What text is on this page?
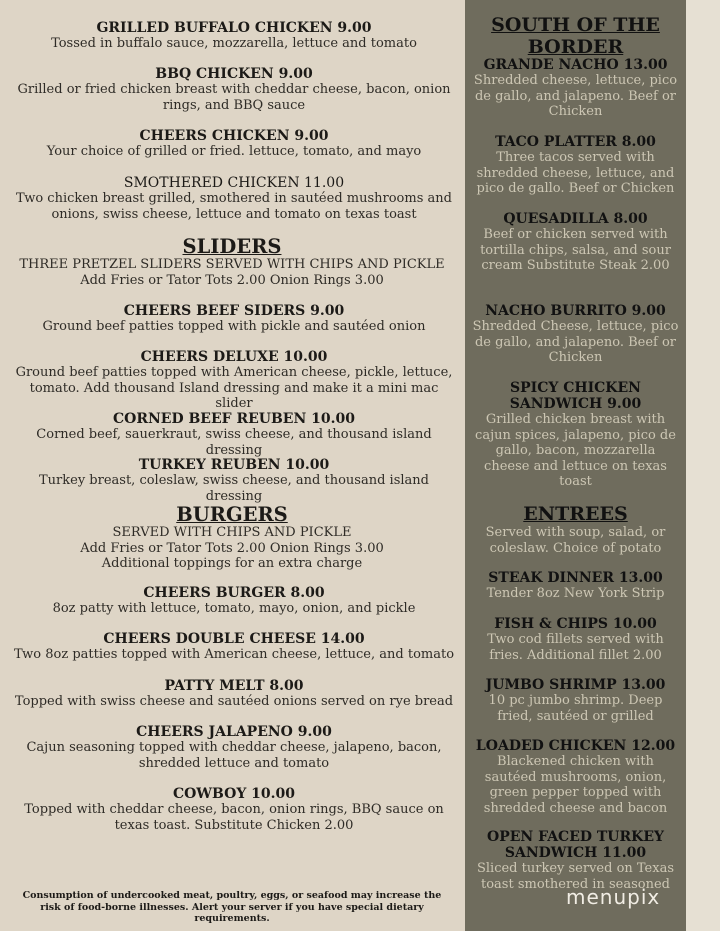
GRILLED BUFFALO CHICKEN 9.00
Tossed in buffalo sauce, mozzarella, lettuce and tomato
BBQ CHICKEN 9.00
Grilled or fried chicken breast with cheddar cheese, bacon, onion rings, and BBQ sauce
CHEERS CHICKEN 9.00
Your choice of grilled or fried. lettuce, tomato, and mayo
SMOTHERED CHICKEN 11.00
Two chicken breast grilled, smothered in sautéed mushrooms and onions, swiss cheese, lettuce and tomato on texas toast
SLIDERS
THREE PRETZEL SLIDERS SERVED WITH CHIPS AND PICKLE
Add Fries or Tator Tots 2.00 Onion Rings 3.00
CHEERS BEEF SIDERS 9.00
Ground beef patties topped with pickle and sautéed onion
CHEERS DELUXE 10.00
Ground beef patties topped with American cheese, pickle, lettuce, tomato. Add thousand Island dressing and make it a mini mac slider
CORNED BEEF REUBEN 10.00
Corned beef, sauerkraut, swiss cheese, and thousand island dressing
TURKEY REUBEN 10.00
Turkey breast, coleslaw, swiss cheese, and thousand island dressing
BURGERS
SERVED WITH CHIPS AND PICKLE
Add Fries or Tator Tots 2.00 Onion Rings 3.00
Additional toppings for an extra charge
CHEERS BURGER 8.00
8oz patty with lettuce, tomato, mayo, onion, and pickle
CHEERS DOUBLE CHEESE 14.00
Two 8oz patties topped with American cheese, lettuce, and tomato
PATTY MELT 8.00
Topped with swiss cheese and sautéed onions served on rye bread
CHEERS JALAPENO 9.00
Cajun seasoning topped with cheddar cheese, jalapeno, bacon, shredded lettuce and tomato
COWBOY 10.00
Topped with cheddar cheese, bacon, onion rings, BBQ sauce on texas toast. Substitute Chicken 2.00
Consumption of undercooked meat, poultry, eggs, or seafood may increase the risk of food-borne illnesses. Alert your server if you have special dietary requirements.
SOUTH OF THE BORDER
GRANDE NACHO 13.00
Shredded cheese, lettuce, pico de gallo, and jalapeno. Beef or Chicken
TACO PLATTER 8.00
Three tacos served with shredded cheese, lettuce, and pico de gallo. Beef or Chicken
QUESADILLA 8.00
Beef or chicken served with tortilla chips, salsa, and sour cream Substitute Steak 2.00
NACHO BURRITO 9.00
Shredded Cheese, lettuce, pico de gallo, and jalapeno. Beef or Chicken
SPICY CHICKEN SANDWICH 9.00
Grilled chicken breast with cajun spices, jalapeno, pico de gallo, bacon, mozzarella cheese and lettuce on texas toast
ENTREES
Served with soup, salad, or coleslaw. Choice of potato
STEAK DINNER 13.00
Tender 8oz New York Strip
FISH & CHIPS 10.00
Two cod fillets served with fries. Additional fillet 2.00
JUMBO SHRIMP 13.00
10 pc jumbo shrimp. Deep fried, sautéed or grilled
LOADED CHICKEN 12.00
Blackened chicken with sautéed mushrooms, onion, green pepper topped with shredded cheese and bacon
OPEN FACED TURKEY SANDWICH 11.00
Sliced turkey served on Texas toast smothered in seasoned
menupix
